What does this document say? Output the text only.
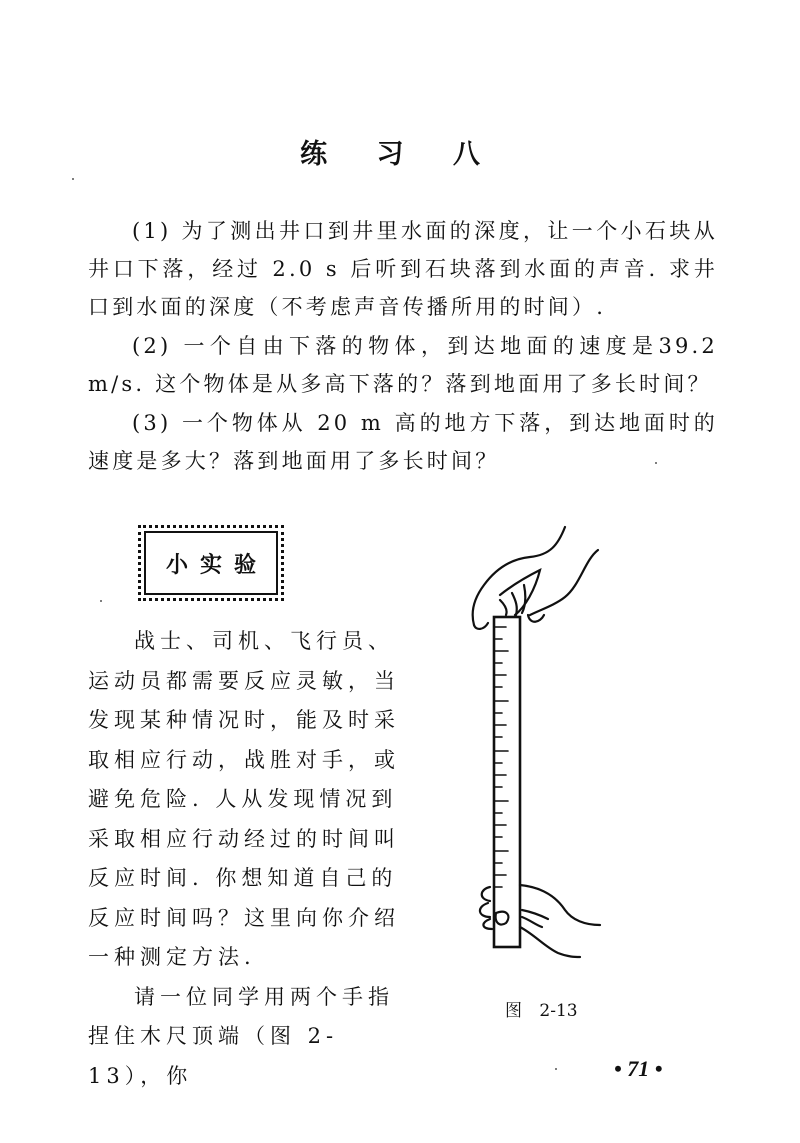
练 习 八
(1) 为了测出井口到井里水面的深度，让一个小石块从井口下落，经过 2.0 s 后听到石块落到水面的声音. 求井口到水面的深度（不考虑声音传播所用的时间）.
(2) 一个自由下落的物体，到达地面的速度是39.2 m/s. 这个物体是从多高下落的？落到地面用了多长时间？
(3) 一个物体从 20 m 高的地方下落，到达地面时的速度是多大？落到地面用了多长时间？
小实验

战士、司机、飞行员、运动员都需要反应灵敏，当发现某种情况时，能及时采取相应行动，战胜对手，或避免危险. 人从发现情况到采取相应行动经过的时间叫反应时间. 你想知道自己的反应时间吗？这里向你介绍一种测定方法.

请一位同学用两个手指捏住木尺顶端（图 2-13），你

图 2-13
• 71 •
